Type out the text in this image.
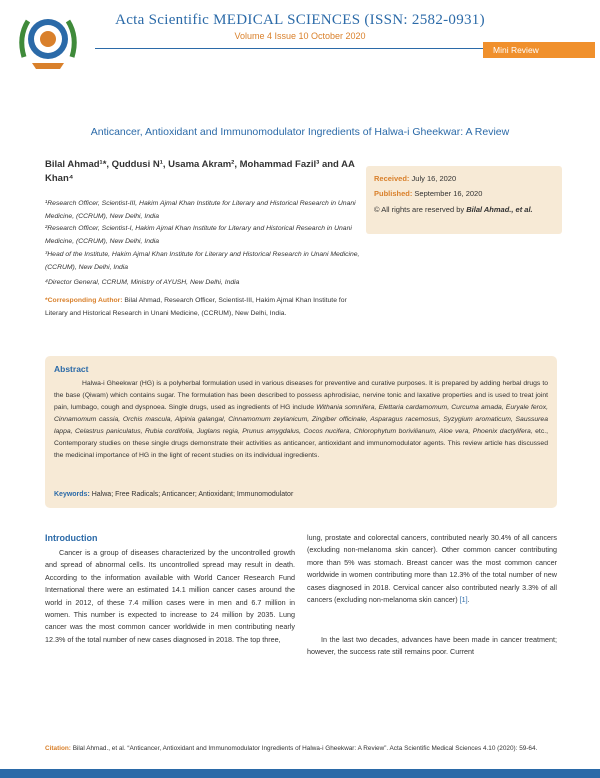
Acta Scientific MEDICAL SCIENCES (ISSN: 2582-0931)
Volume 4 Issue 10 October 2020
Mini Review
Anticancer, Antioxidant and Immunomodulator Ingredients of Halwa-i Gheekwar: A Review
Bilal Ahmad¹*, Quddusi N¹, Usama Akram², Mohammad Fazil³ and AA Khan⁴
¹Research Officer, Scientist-III, Hakim Ajmal Khan Institute for Literary and Historical Research in Unani Medicine, (CCRUM), New Delhi, India
²Research Officer, Scientist-I, Hakim Ajmal Khan Institute for Literary and Historical Research in Unani Medicine, (CCRUM), New Delhi, India
³Head of the Institute, Hakim Ajmal Khan Institute for Literary and Historical Research in Unani Medicine, (CCRUM), New Delhi, India
⁴Director General, CCRUM, Ministry of AYUSH, New Delhi, India
*Corresponding Author: Bilal Ahmad, Research Officer, Scientist-III, Hakim Ajmal Khan Institute for Literary and Historical Research in Unani Medicine, (CCRUM), New Delhi, India.
Received: July 16, 2020
Published: September 16, 2020
© All rights are reserved by Bilal Ahmad., et al.
Abstract
Halwa-i Gheekwar (HG) is a polyherbal formulation used in various diseases for preventive and curative purposes. It is prepared by adding herbal drugs to the base (Qiwam) which contains sugar. The formulation has been described to possess aphrodisiac, nervine tonic and laxative properties and is used to treat joint pain, lumbago, cough and dyspnoea. Single drugs, used as ingredients of HG include Withania somnifera, Elettaria cardamomum, Curcuma amada, Euryale ferox, Cinnamomum cassia, Orchis mascula, Alpinia galangal, Cinnamomum zeylanicum, Zingiber officinale, Asparagus racemosus, Syzygium aromaticum, Saussurea lappa, Celastrus paniculatus, Rubia cordifolia, Juglans regia, Prunus amygdalus, Cocos nucifera, Chlorophytum borivilianum, Aloe vera, Phoenix dactylifera, etc., Contemporary studies on these single drugs demonstrate their activities as anticancer, antioxidant and immunomodulator agents. This review article has discussed the medicinal importance of HG in the light of recent studies on its individual ingredients.
Keywords: Halwa; Free Radicals; Anticancer; Antioxidant; Immunomodulator
Introduction
Cancer is a group of diseases characterized by the uncontrolled growth and spread of abnormal cells. Its uncontrolled spread may result in death. According to the information available with World Cancer Research Fund International there were an estimated 14.1 million cancer cases around the world in 2012, of these 7.4 million cases were in men and 6.7 million in women. This number is expected to increase to 24 million by 2035. Lung cancer was the most common cancer worldwide in men contributing nearly 12.3% of the total number of new cases diagnosed in 2018. The top three,
lung, prostate and colorectal cancers, contributed nearly 30.4% of all cancers (excluding non-melanoma skin cancer). Other common cancer contributing more than 5% was stomach. Breast cancer was the most common cancer worldwide in women contributing more than 12.3% of the total number of new cases diagnosed in 2018. Cervical cancer also contributed nearly 3.3% of all cancers (excluding non-melanoma skin cancer) [1].
In the last two decades, advances have been made in cancer treatment; however, the success rate still remains poor. Current
Citation: Bilal Ahmad., et al. “Anticancer, Antioxidant and Immunomodulator Ingredients of Halwa-i Gheekwar: A Review”. Acta Scientific Medical Sciences 4.10 (2020): 59-64.
